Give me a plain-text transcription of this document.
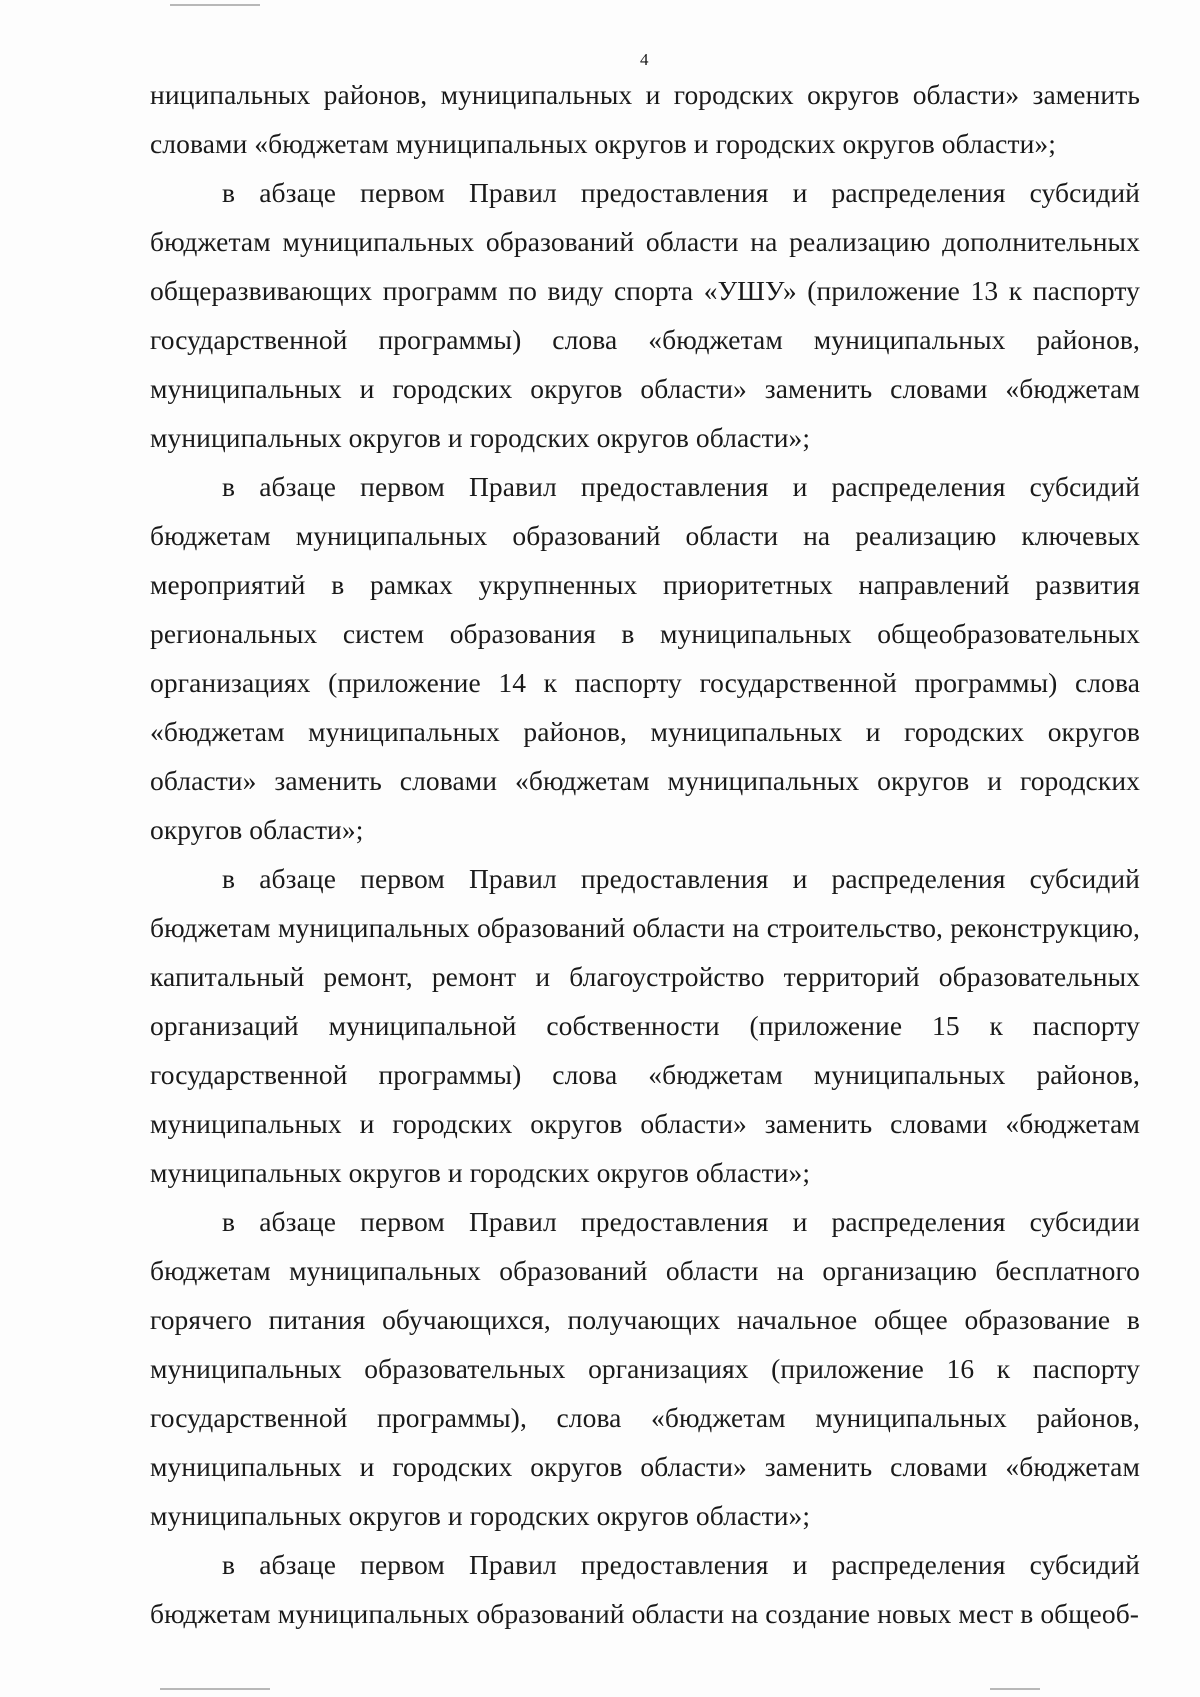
4

ниципальных районов, муниципальных и городских округов области» заменить словами «бюджетам муниципальных округов и городских округов области»;

в абзаце первом Правил предоставления и распределения субсидий бюджетам муниципальных образований области на реализацию дополнительных общеразвивающих программ по виду спорта «УШУ» (приложение 13 к паспорту государственной программы) слова «бюджетам муниципальных районов, муниципальных и городских округов области» заменить словами «бюджетам муниципальных округов и городских округов области»;

в абзаце первом Правил предоставления и распределения субсидий бюджетам муниципальных образований области на реализацию ключевых мероприятий в рамках укрупненных приоритетных направлений развития региональных систем образования в муниципальных общеобразовательных организациях (приложение 14 к паспорту государственной программы) слова «бюджетам муниципальных районов, муниципальных и городских округов области» заменить словами «бюджетам муниципальных округов и городских округов области»;

в абзаце первом Правил предоставления и распределения субсидий бюджетам муниципальных образований области на строительство, реконструкцию, капитальный ремонт, ремонт и благоустройство территорий образовательных организаций муниципальной собственности (приложение 15 к паспорту государственной программы) слова «бюджетам муниципальных районов, муниципальных и городских округов области» заменить словами «бюджетам муниципальных округов и городских округов области»;

в абзаце первом Правил предоставления и распределения субсидии бюджетам муниципальных образований области на организацию бесплатного горячего питания обучающихся, получающих начальное общее образование в муниципальных образовательных организациях (приложение 16 к паспорту государственной программы), слова «бюджетам муниципальных районов, муниципальных и городских округов области» заменить словами «бюджетам муниципальных округов и городских округов области»;

в абзаце первом Правил предоставления и распределения субсидий бюджетам муниципальных образований области на создание новых мест в общеоб-
